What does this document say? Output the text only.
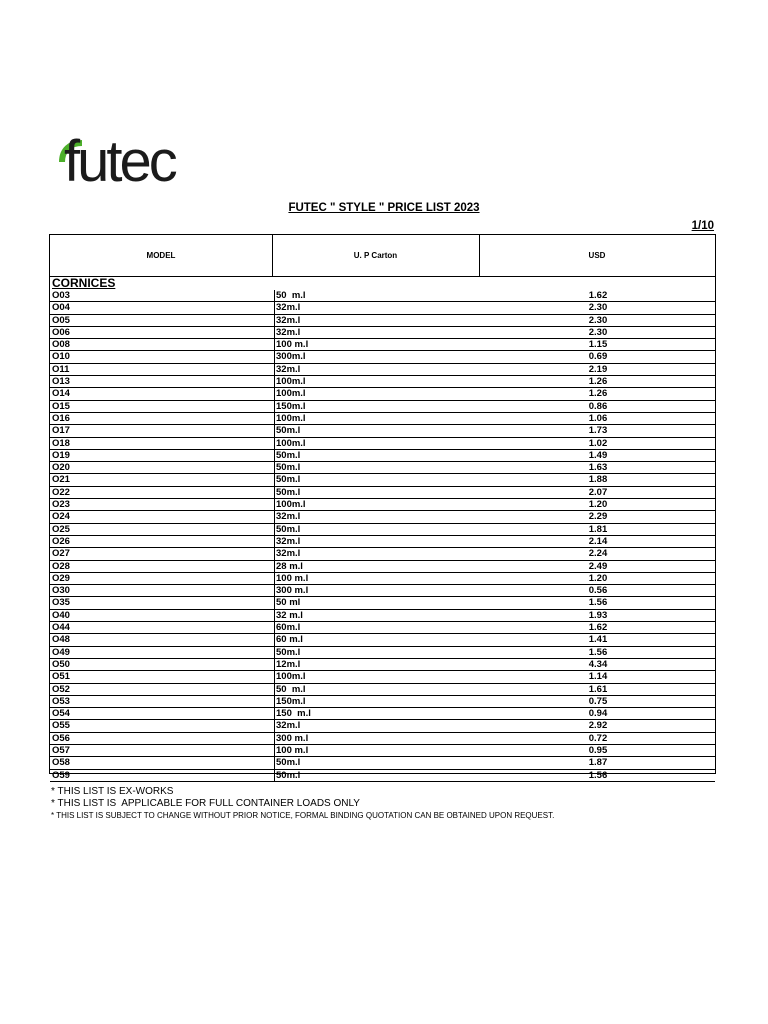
futec
FUTEC " STYLE " PRICE LIST 2023
1/10
MODEL	U. P Carton	USD
CORNICES
O03	50  m.l	1.62
O04	32m.l	2.30
O05	32m.l	2.30
O06	32m.l	2.30
O08	100 m.l	1.15
O10	300m.l	0.69
O11	32m.l	2.19
O13	100m.l	1.26
O14	100m.l	1.26
O15	150m.l	0.86
O16	100m.l	1.06
O17	50m.l	1.73
O18	100m.l	1.02
O19	50m.l	1.49
O20	50m.l	1.63
O21	50m.l	1.88
O22	50m.l	2.07
O23	100m.l	1.20
O24	32m.l	2.29
O25	50m.l	1.81
O26	32m.l	2.14
O27	32m.l	2.24
O28	28 m.l	2.49
O29	100 m.l	1.20
O30	300 m.l	0.56
O35	50 ml	1.56
O40	32 m.l	1.93
O44	60m.l	1.62
O48	60 m.l	1.41
O49	50m.l	1.56
O50	12m.l	4.34
O51	100m.l	1.14
O52	50  m.l	1.61
O53	150m.l	0.75
O54	150  m.l	0.94
O55	32m.l	2.92
O56	300 m.l	0.72
O57	100 m.l	0.95
O58	50m.l	1.87
O59	50m.l	1.56
* THIS LIST IS EX-WORKS
* THIS LIST IS  APPLICABLE FOR FULL CONTAINER LOADS ONLY
* THIS LIST IS SUBJECT TO CHANGE WITHOUT PRIOR NOTICE, FORMAL BINDING QUOTATION CAN BE OBTAINED UPON REQUEST.
